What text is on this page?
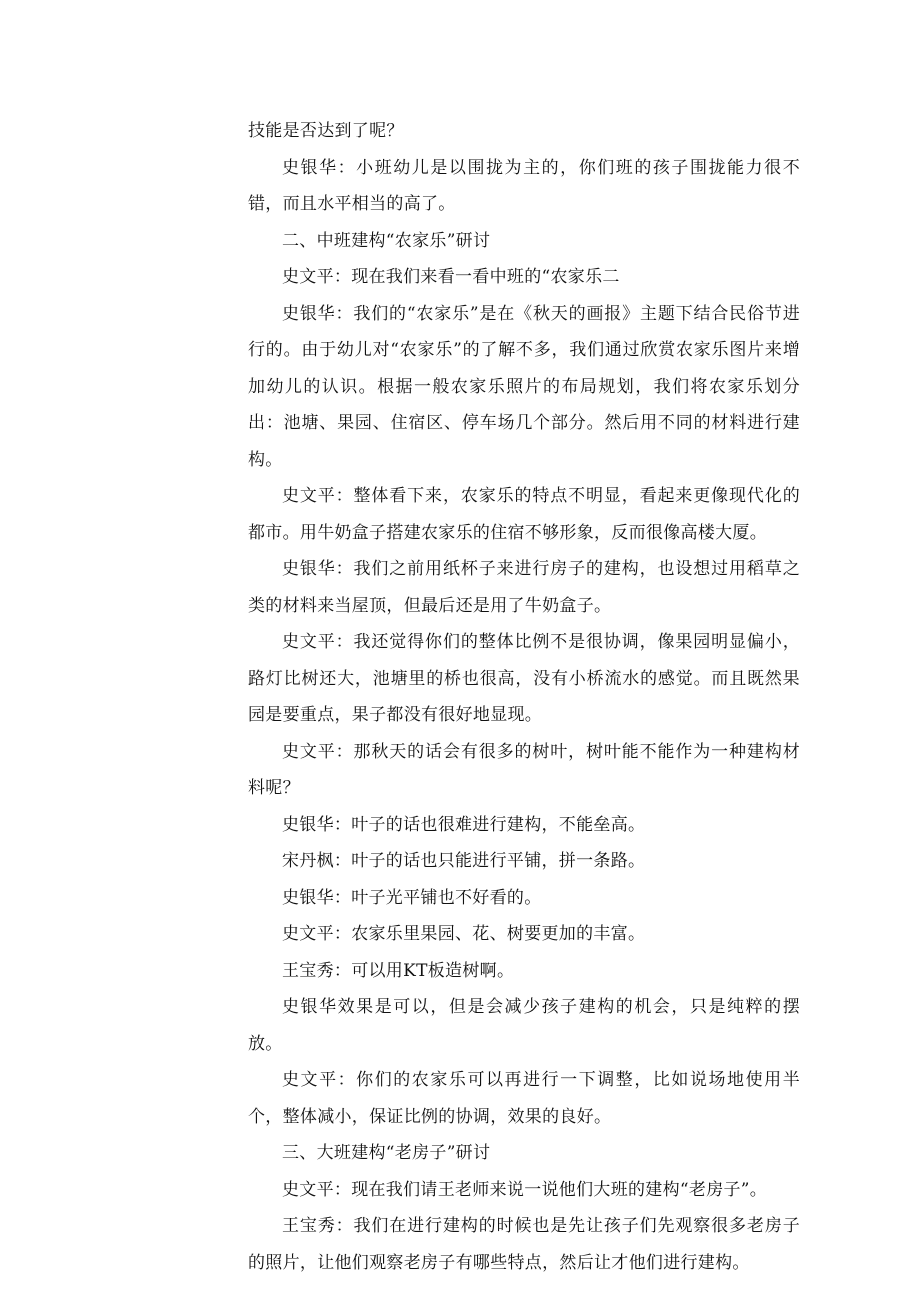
技能是否达到了呢？

史银华：小班幼儿是以围拢为主的，你们班的孩子围拢能力很不错，而且水平相当的高了。

二、中班建构“农家乐”研讨

史文平：现在我们来看一看中班的“农家乐二

史银华：我们的“农家乐”是在《秋天的画报》主题下结合民俗节进行的。由于幼儿对“农家乐”的了解不多，我们通过欣赏农家乐图片来增加幼儿的认识。根据一般农家乐照片的布局规划，我们将农家乐划分出：池塘、果园、住宿区、停车场几个部分。然后用不同的材料进行建构。

史文平：整体看下来，农家乐的特点不明显，看起来更像现代化的都市。用牛奶盒子搭建农家乐的住宿不够形象，反而很像高楼大厦。

史银华：我们之前用纸杯子来进行房子的建构，也设想过用稻草之类的材料来当屋顶，但最后还是用了牛奶盒子。

史文平：我还觉得你们的整体比例不是很协调，像果园明显偏小，路灯比树还大，池塘里的桥也很高，没有小桥流水的感觉。而且既然果园是要重点，果子都没有很好地显现。

史文平：那秋天的话会有很多的树叶，树叶能不能作为一种建构材料呢？

史银华：叶子的话也很难进行建构，不能垒高。

宋丹枫：叶子的话也只能进行平铺，拼一条路。

史银华：叶子光平铺也不好看的。

史文平：农家乐里果园、花、树要更加的丰富。

王宝秀：可以用KT板造树啊。

史银华效果是可以，但是会减少孩子建构的机会，只是纯粹的摆放。

史文平：你们的农家乐可以再进行一下调整，比如说场地使用半个，整体减小，保证比例的协调，效果的良好。

三、大班建构“老房子”研讨

史文平：现在我们请王老师来说一说他们大班的建构“老房子”。

王宝秀：我们在进行建构的时候也是先让孩子们先观察很多老房子的照片，让他们观察老房子有哪些特点，然后让才他们进行建构。
